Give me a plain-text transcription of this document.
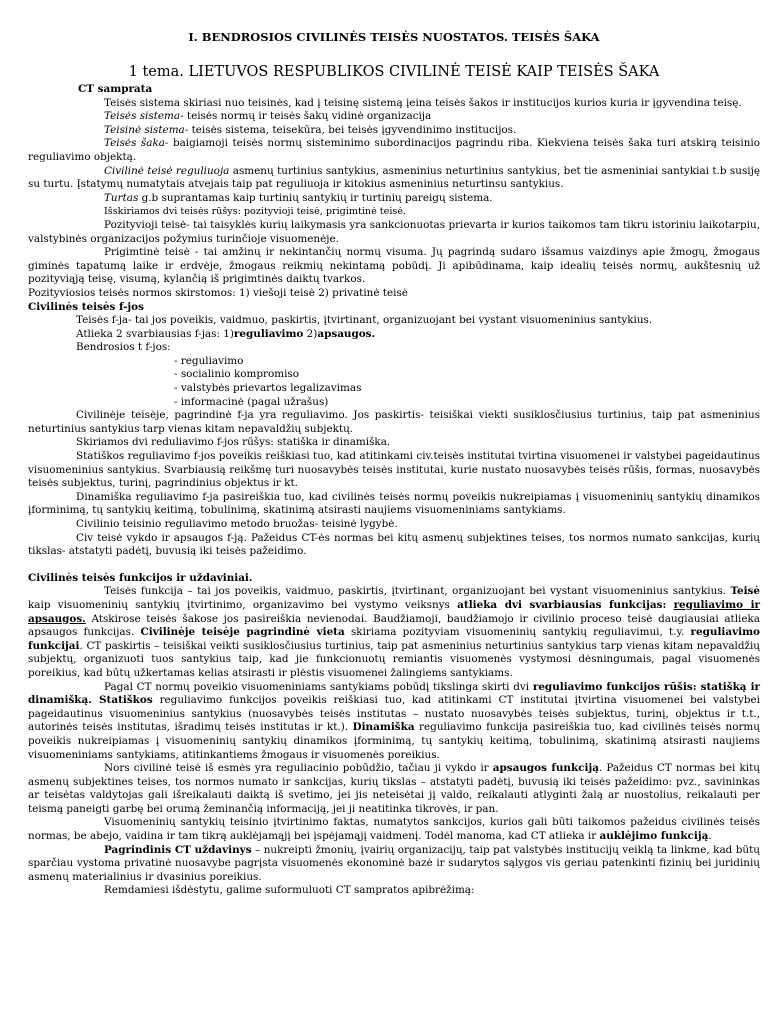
I. BENDROSIOS CIVILINĖS TEISĖS NUOSTATOS. TEISĖS ŠAKA
1 tema. LIETUVOS RESPUBLIKOS CIVILINĖ TEISĖ KAIP TEISĖS ŠAKA
CT samprata

Teisės sistema skiriasi nuo teisinės, kad į teisinę sistemą įeina teisės šakos ir institucijos kurios kuria ir įgyvendina teisę.

Teisės sistema- teisės normų ir teisės šakų vidinė organizacija

Teisinė sistema- teisės sistema, teisekūra, bei teisės įgyvendinimo institucijos.

Teisės šaka- baigiamoji teisės normų sisteminimo subordinacijos pagrindu riba. Kiekviena teisės šaka turi atskirą teisinio reguliavimo objektą.

Civilinė teisė reguliuoja asmenų turtinius santykius, asmeninius neturtinius santykius, bet tie asmeniniai santykiai t.b susiję su turtu. Įstatymų numatytais atvejais taip pat reguliuoja ir kitokius asmeninius neturtinsu santykius.

Turtas g.b suprantamas kaip turtinių santykių ir turtinių pareigų sistema.

Išskiriamos dvi teisės rūšys: pozityvioji teisė, prigimtinė teisė.

Pozityvioji teisė- tai taisyklės kurių laikymasis yra sankcionuotas prievarta ir kurios taikomos tam tikru istoriniu laikotarpiu, valstybinės organizacijos požymius turinčioje visuomenėje.

Prigimtinė teisė - tai amžinų ir nekintančių normų visuma. Jų pagrindą sudaro išsamus vaizdinys apie žmogų, žmogaus giminės tapatumą laike ir erdvėje, žmogaus reikmių nekintamą pobūdį. Ji apibūdinama, kaip idealių teisės normų, aukštesnių už pozityviąją teisę, visumą, kylančią iš prigimtinės daiktų tvarkos.

Pozityviosios teisės normos skirstomos: 1) viešoji teisė 2) privatinė teisė

Civilinės teisės f-jos

Teisės f-ja- tai jos poveikis, vaidmuo, paskirtis, įtvirtinant, organizuojant bei vystant visuomeninius santykius.

Atlieka 2 svarbiausias f-jas: 1)reguliavimo 2)apsaugos.

Bendrosios t f-jos:

- reguliavimo
- socialinio kompromiso
- valstybės prievartos legalizavimas
- informacinė (pagal užrašus)

Civilinėje teisėje, pagrindinė f-ja yra reguliavimo. Jos paskirtis- teisiškai viekti susiklosčiusius turtinius, taip pat asmeninius neturtinius santykius tarp vienas kitam nepavaldžių subjektų.

Skiriamos dvi reduliavimo f-jos rūšys: statiška ir dinamiška.

Statiškos reguliavimo f-jos poveikis reiškiasi tuo, kad atitinkami civ.teisės institutai tvirtina visuomenei ir valstybei pageidautinus visuomeninius santykius. Svarbiausią reikšmę turi nuosavybės teisės institutai, kurie nustato nuosavybės teisės rūšis, formas, nuosavybės teisės subjektus, turinį, pagrindinius objektus ir kt.

Dinamiška reguliavimo f-ja pasireiškia tuo, kad civilinės teisės normų poveikis nukreipiamas į visuomeninių santykių dinamikos įforminimą, tų santykių keitimą, tobulinimą, skatinimą atsirasti naujiems visuomeniniams santykiams.

Civilinio teisinio reguliavimo metodo bruožas- teisinė lygybė.

Civ teisė vykdo ir apsaugos f-ją. Pažeidus CT-ės normas bei kitų asmenų subjektines teises, tos normos numato sankcijas, kurių tikslas- atstatyti padėtį, buvusią iki teisės pažeidimo.

Civilinės teisės funkcijos ir uždaviniai.

Teisės funkcija – tai jos poveikis, vaidmuo, paskirtis, įtvirtinant, organizuojant bei vystant visuomeninius santykius. Teisė kaip visuomeninių santykių įtvirtinimo, organizavimo bei vystymo veiksnys atlieka dvi svarbiausias funkcijas: reguliavimo ir apsaugos. Atskirose teisės šakose jos pasireiškia nevienodai. Baudžiamoji, baudžiamojo ir civilinio proceso teisė daugiausiai atlieka apsaugos funkcijas. Civilinėje teisėje pagrindinė vieta skiriama pozityviam visuomeninių santykių reguliavimui, t.y. reguliavimo funkcijai. CT paskirtis – teisiškai veikti susiklosčiusius turtinius, taip pat asmeninius neturtinius santykius tarp vienas kitam nepavaldžių subjektų, organizuoti tuos santykius taip, kad jie funkcionuotų remiantis visuomenės vystymosi dėsningumais, pagal visuomenės poreikius, kad būtų užkertamas kelias atsirasti ir plėstis visuomenei žalingiems santykiams.

Pagal CT normų poveikio visuomeniniams santykiams pobūdį tikslinga skirti dvi reguliavimo funkcijos rūšis: statišką ir dinamišką. Statiškos reguliavimo funkcijos poveikis reiškiasi tuo, kad atitinkami CT institutai įtvirtina visuomenei bei valstybei pageidautinus visuomeninius santykius (nuosavybės teisės institutas – nustato nuosavybės teisės subjektus, turinį, objektus ir t.t., autorinės teisės institutas, išradimų teisės institutas ir kt.). Dinamiška reguliavimo funkcija pasireiškia tuo, kad civilinės teisės normų poveikis nukreipiamas į visuomeninių santykių dinamikos įforminimą, tų santykių keitimą, tobulinimą, skatinimą atsirasti naujiems visuomeniniams santykiams, atitinkantiems žmogaus ir visuomenės poreikius.

Nors civilinė teisė iš esmės yra reguliacinio pobūdžio, tačiau ji vykdo ir apsaugos funkciją. Pažeidus CT normas bei kitų asmenų subjektines teises, tos normos numato ir sankcijas, kurių tikslas – atstatyti padėtį, buvusią iki teisės pažeidimo: pvz., savininkas ar teisėtas valdytojas gali išreikalauti daiktą iš svetimo, jei jis neteisėtai jį valdo, reikalauti atlyginti žalą ar nuostolius, reikalauti per teismą paneigti garbę bei orumą žeminančią informaciją, jei ji neatitinka tikrovės, ir pan.

Visuomeninių santykių teisinio įtvirtinimo faktas, numatytos sankcijos, kurios gali būti taikomos pažeidus civilinės teisės normas, be abejo, vaidina ir tam tikrą auklėjamąjį bei įspėjamąjį vaidmenį. Todėl manoma, kad CT atlieka ir auklėjimo funkciją.

Pagrindinis CT uždavinys – nukreipti žmonių, įvairių organizacijų, taip pat valstybės institucijų veiklą ta linkme, kad būtų sparčiau vystoma privatinė nuosavybe pagrįsta visuomenės ekonominė bazė ir sudarytos sąlygos vis geriau patenkinti fizinių bei juridinių asmenų materialinius ir dvasinius poreikius.

Remdamiesi išdėstytu, galime suformuluoti CT sampratos apibrėžimą:
